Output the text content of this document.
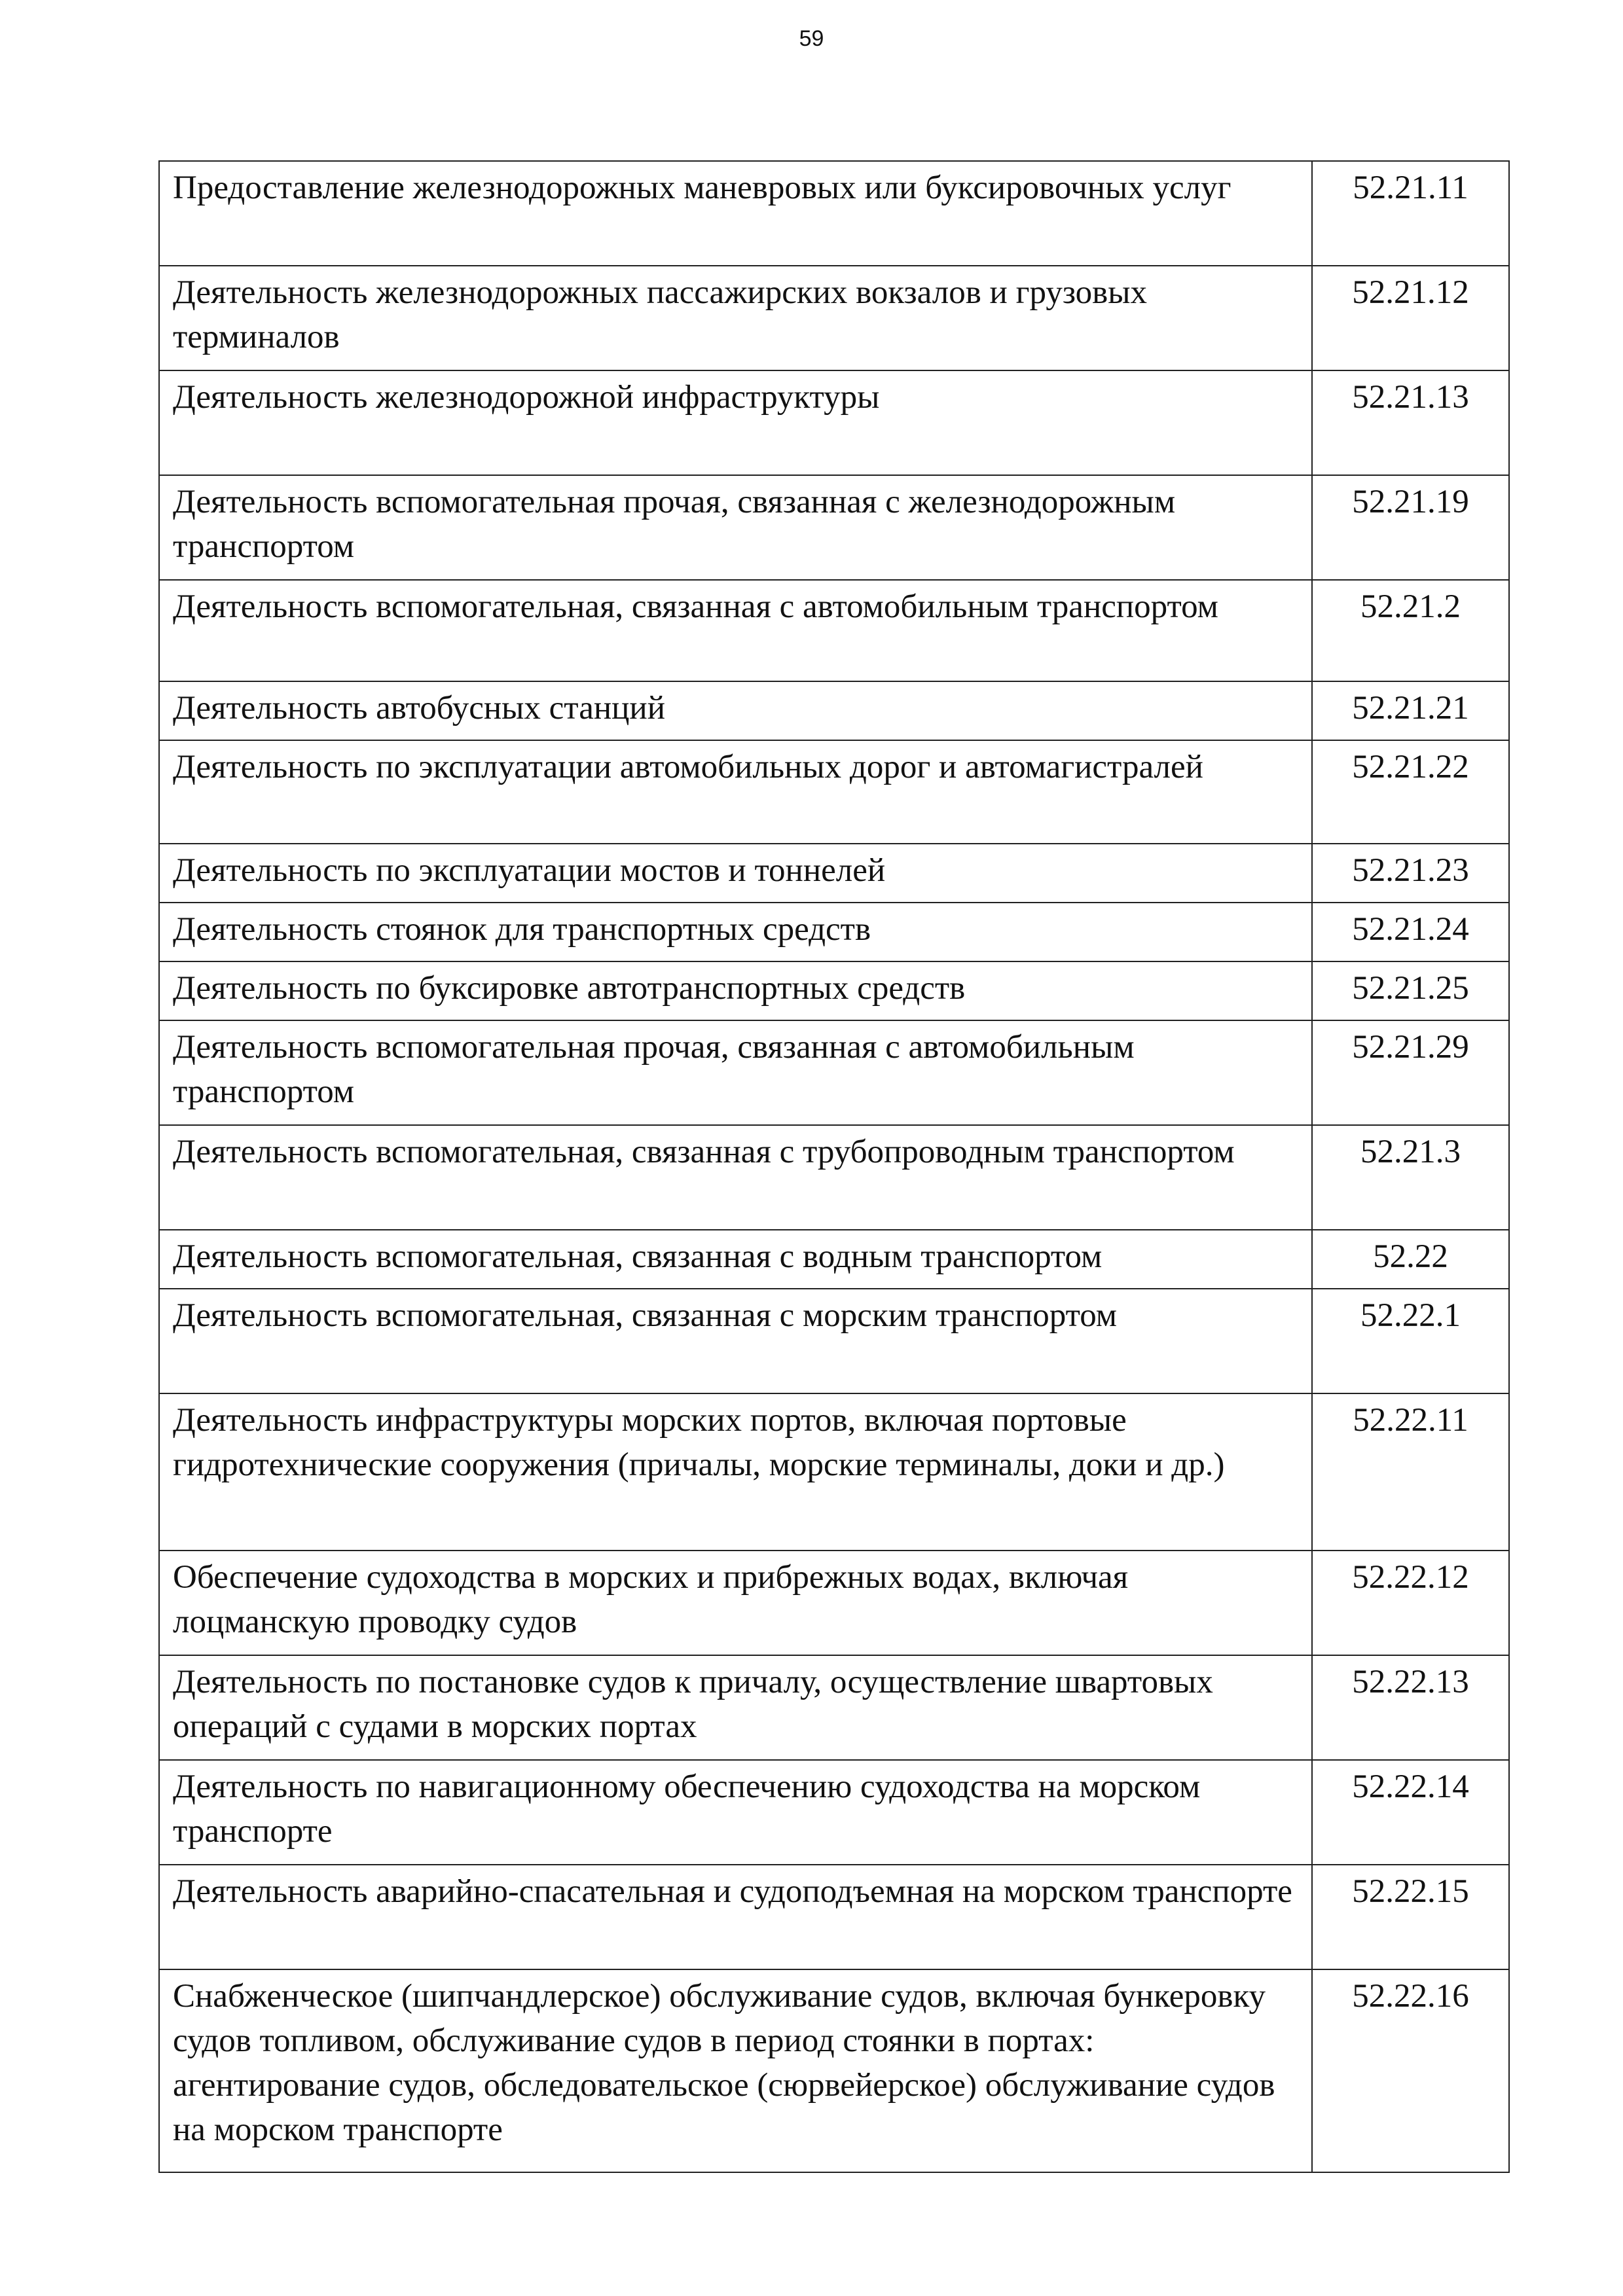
59
Предоставление железнодорожных маневровых или буксировочных услуг	52.21.11
Деятельность железнодорожных пассажирских вокзалов и грузовых терминалов	52.21.12
Деятельность железнодорожной инфраструктуры	52.21.13
Деятельность вспомогательная прочая, связанная с железнодорожным транспортом	52.21.19
Деятельность вспомогательная, связанная с автомобильным транспортом	52.21.2
Деятельность автобусных станций	52.21.21
Деятельность по эксплуатации автомобильных дорог и автомагистралей	52.21.22
Деятельность по эксплуатации мостов и тоннелей	52.21.23
Деятельность стоянок для транспортных средств	52.21.24
Деятельность по буксировке автотранспортных средств	52.21.25
Деятельность вспомогательная прочая, связанная с автомобильным транспортом	52.21.29
Деятельность вспомогательная, связанная с трубопроводным транспортом	52.21.3
Деятельность вспомогательная, связанная с водным транспортом	52.22
Деятельность вспомогательная, связанная с морским транспортом	52.22.1
Деятельность инфраструктуры морских портов, включая портовые гидротехнические сооружения (причалы, морские терминалы, доки и др.)	52.22.11
Обеспечение судоходства в морских и прибрежных водах, включая лоцманскую проводку судов	52.22.12
Деятельность по постановке судов к причалу, осуществление швартовых операций с судами в морских портах	52.22.13
Деятельность по навигационному обеспечению судоходства на морском транспорте	52.22.14
Деятельность аварийно-спасательная и судоподъемная на морском транспорте	52.22.15
Снабженческое (шипчандлерское) обслуживание судов, включая бункеровку судов топливом, обслуживание судов в период стоянки в портах: агентирование судов, обследовательское (сюрвейерское) обслуживание судов на морском транспорте	52.22.16
